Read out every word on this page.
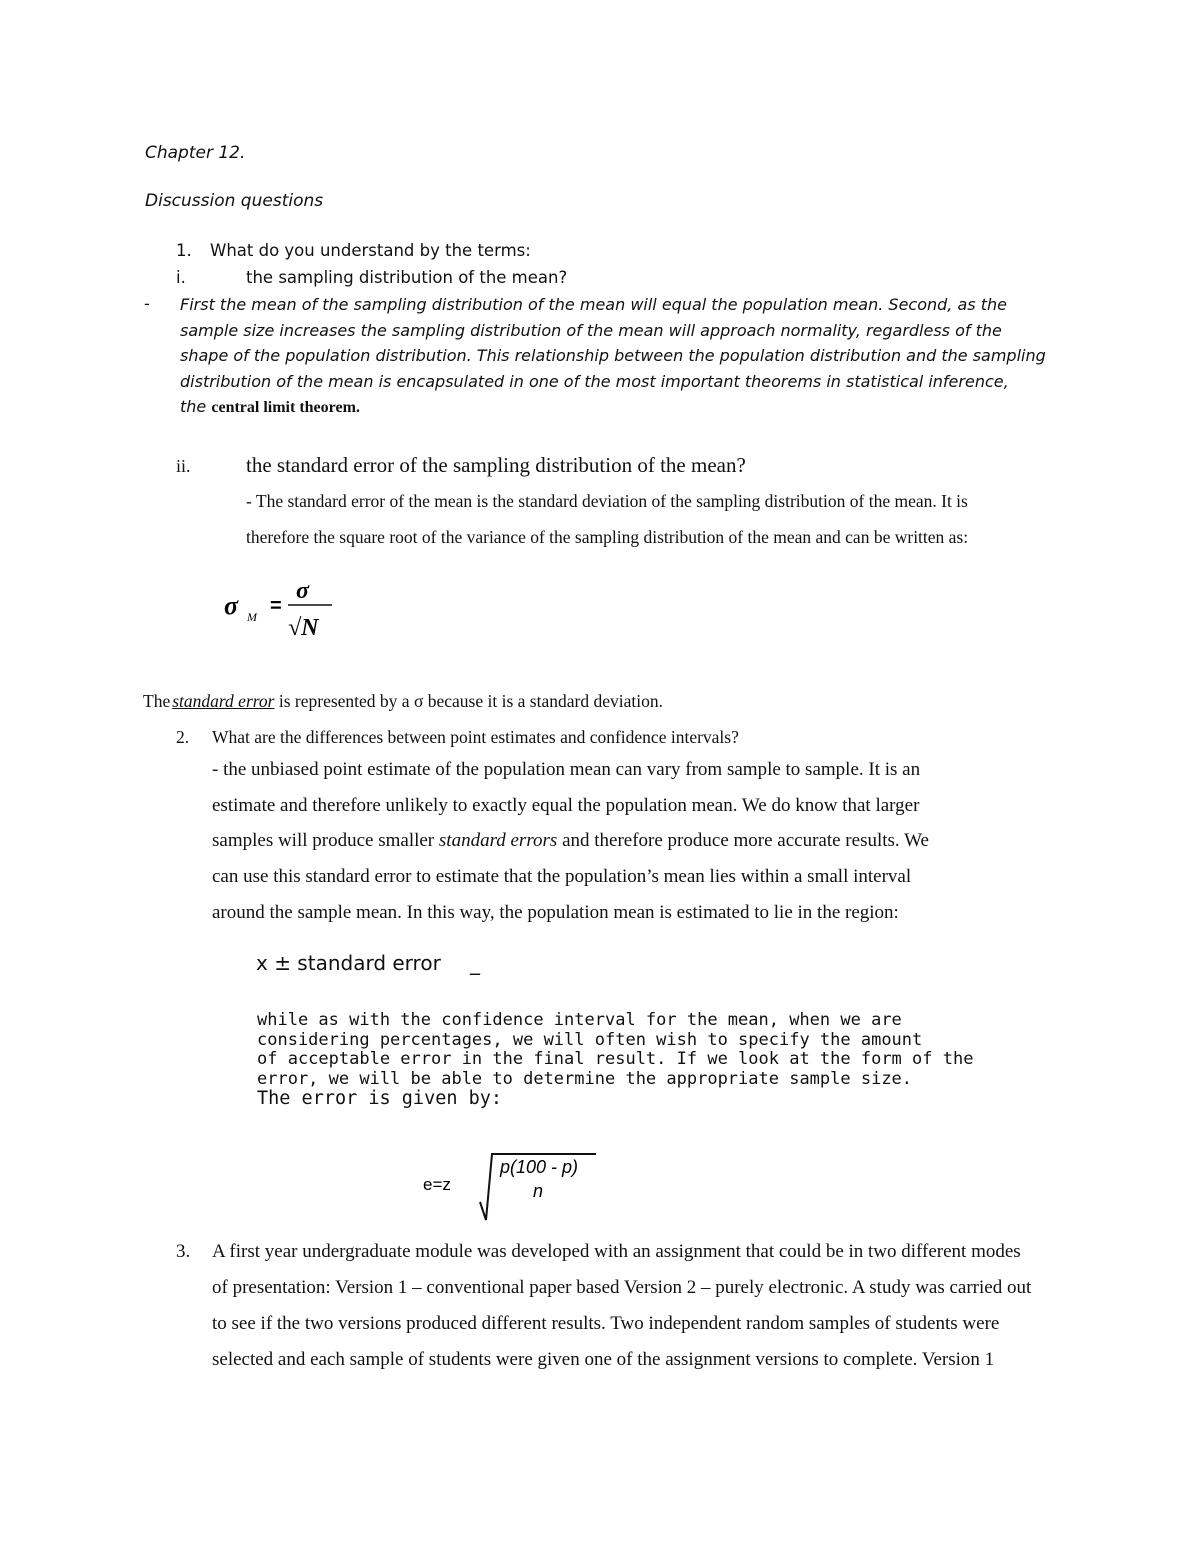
Chapter 12.
Discussion questions
1. What do you understand by the terms:
i.	the sampling distribution of the mean?
- First the mean of the sampling distribution of the mean will equal the population mean. Second, as the
sample size increases the sampling distribution of the mean will approach normality, regardless of the
shape of the population distribution. This relationship between the population distribution and the sampling
distribution of the mean is encapsulated in one of the most important theorems in statistical inference,
the central limit theorem.
ii.	the standard error of the sampling distribution of the mean?
- The standard error of the mean is the standard deviation of the sampling distribution of the mean. It is
therefore the square root of the variance of the sampling distribution of the mean and can be written as:
σ M =
σ
√N
The standard error is represented by a σ because it is a standard deviation.
2. What are the differences between point estimates and confidence intervals?
- the unbiased point estimate of the population mean can vary from sample to sample. It is an
estimate and therefore unlikely to exactly equal the population mean. We do know that larger
samples will produce smaller standard errors and therefore produce more accurate results. We
can use this standard error to estimate that the population’s mean lies within a small interval
around the sample mean. In this way, the population mean is estimated to lie in the region:
x ± standard error _
while as with the confidence interval for the mean, when we are
considering percentages, we will often wish to specify the amount
of acceptable error in the final result. If we look at the form of the
error, we will be able to determine the appropriate sample size.
The error is given by:
e=z
p(100 - p)
n
3. A first year undergraduate module was developed with an assignment that could be in two different modes
of presentation: Version 1 – conventional paper based Version 2 – purely electronic. A study was carried out
to see if the two versions produced different results. Two independent random samples of students were
selected and each sample of students were given one of the assignment versions to complete. Version 1
